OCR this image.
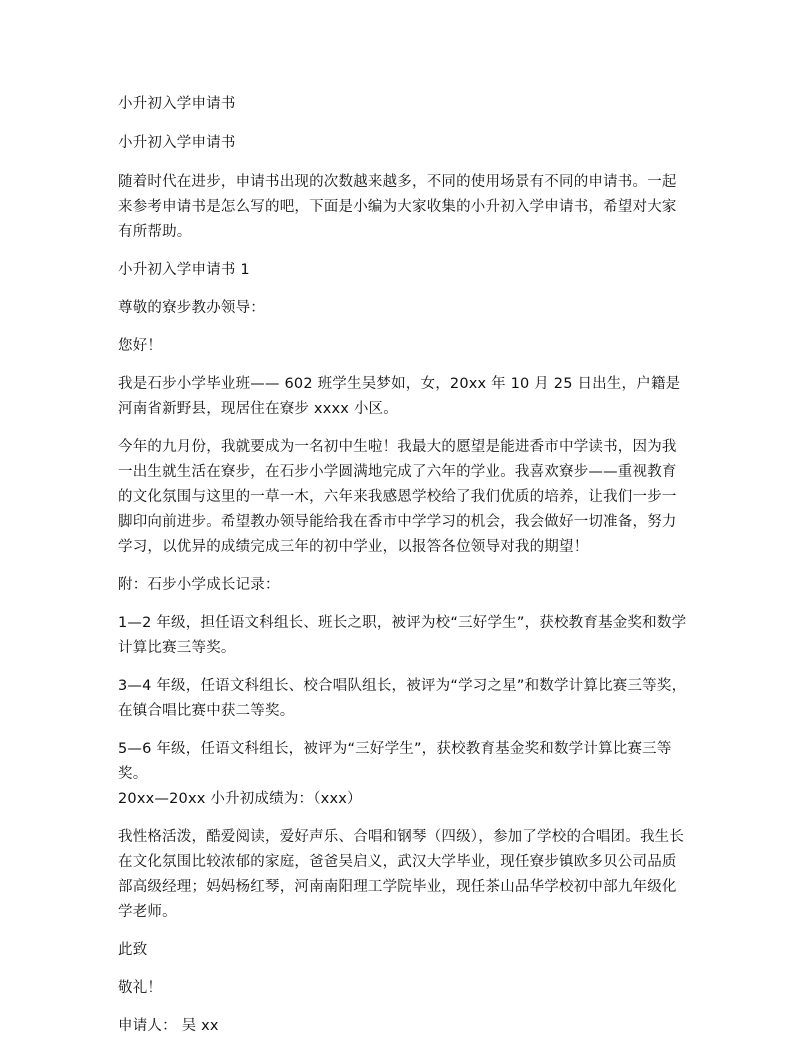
小升初入学申请书

小升初入学申请书

随着时代在进步，申请书出现的次数越来越多，不同的使用场景有不同的申请书。一起来参考申请书是怎么写的吧，下面是小编为大家收集的小升初入学申请书，希望对大家有所帮助。

小升初入学申请书 1

尊敬的寮步教办领导：

您好！

我是石步小学毕业班—— 602 班学生吴梦如，女，20xx 年 10 月 25 日出生，户籍是河南省新野县，现居住在寮步 xxxx 小区。

今年的九月份，我就要成为一名初中生啦！我最大的愿望是能进香市中学读书，因为我一出生就生活在寮步，在石步小学圆满地完成了六年的学业。我喜欢寮步——重视教育的文化氛围与这里的一草一木，六年来我感恩学校给了我们优质的培养，让我们一步一脚印向前进步。希望教办领导能给我在香市中学学习的机会，我会做好一切准备，努力学习，以优异的成绩完成三年的初中学业，以报答各位领导对我的期望！

附：石步小学成长记录：

1—2 年级，担任语文科组长、班长之职，被评为校“三好学生”，获校教育基金奖和数学计算比赛三等奖。

3—4 年级，任语文科组长、校合唱队组长，被评为“学习之星”和数学计算比赛三等奖，在镇合唱比赛中获二等奖。

5—6 年级，任语文科组长，被评为“三好学生”，获校教育基金奖和数学计算比赛三等奖。

20xx—20xx 小升初成绩为：（xxx）

我性格活泼，酷爱阅读，爱好声乐、合唱和钢琴（四级），参加了学校的合唱团。我生长在文化氛围比较浓郁的家庭，爸爸吴启义，武汉大学毕业，现任寮步镇欧多贝公司品质部高级经理；妈妈杨红琴，河南南阳理工学院毕业，现任茶山品华学校初中部九年级化学老师。

此致

敬礼！

申请人： 吴 xx
